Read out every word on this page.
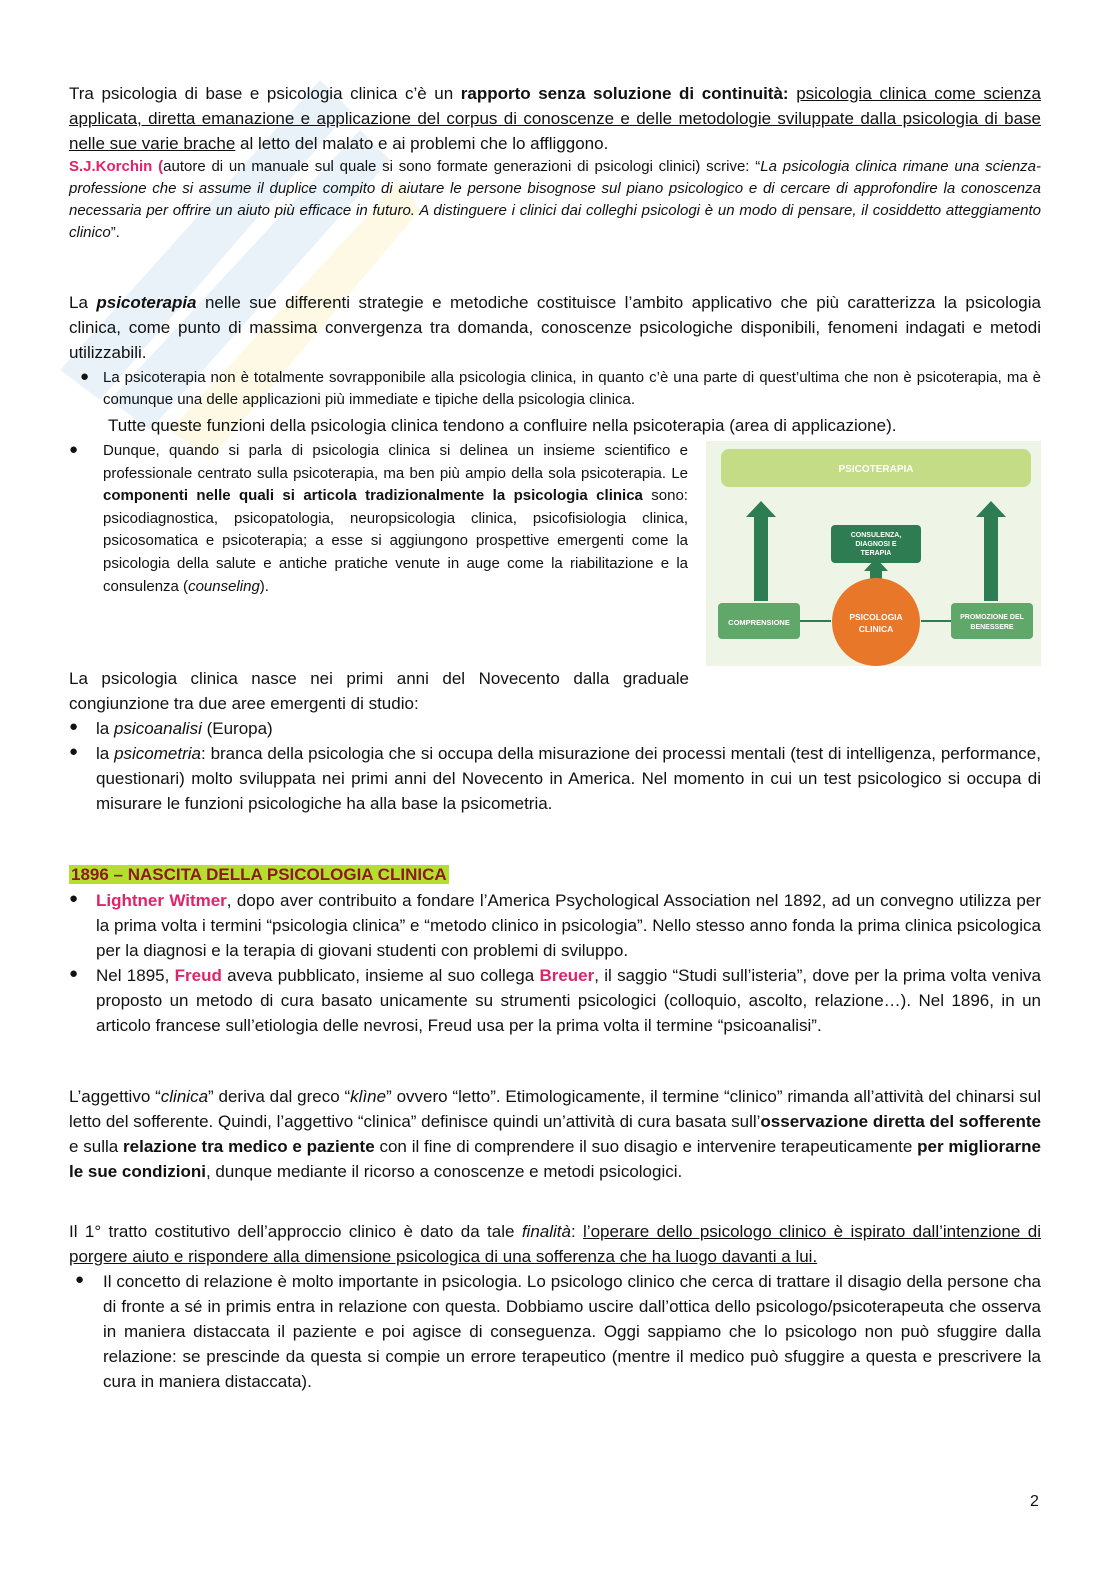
Tra psicologia di base e psicologia clinica c’è un rapporto senza soluzione di continuità: psicologia clinica come scienza applicata, diretta emanazione e applicazione del corpus di conoscenze e delle metodologie sviluppate dalla psicologia di base nelle sue varie brache al letto del malato e ai problemi che lo affliggono.

S.J.Korchin (autore di un manuale sul quale si sono formate generazioni di psicologi clinici) scrive: “La psicologia clinica rimane una scienza-professione che si assume il duplice compito di aiutare le persone bisognose sul piano psicologico e di cercare di approfondire la conoscenza necessaria per offrire un aiuto più efficace in futuro. A distinguere i clinici dai colleghi psicologi è un modo di pensare, il cosiddetto atteggiamento clinico”.

La psicoterapia nelle sue differenti strategie e metodiche costituisce l’ambito applicativo che più caratterizza la psicologia clinica, come punto di massima convergenza tra domanda, conoscenze psicologiche disponibili, fenomeni indagati e metodi utilizzabili.

● La psicoterapia non è totalmente sovrapponibile alla psicologia clinica, in quanto c’è una parte di quest’ultima che non è psicoterapia, ma è comunque una delle applicazioni più immediate e tipiche della psicologia clinica.

Tutte queste funzioni della psicologia clinica tendono a confluire nella psicoterapia (area di applicazione).

● Dunque, quando si parla di psicologia clinica si delinea un insieme scientifico e professionale centrato sulla psicoterapia, ma ben più ampio della sola psicoterapia. Le componenti nelle quali si articola tradizionalmente la psicologia clinica sono: psicodiagnostica, psicopatologia, neuropsicologia clinica, psicofisiologia clinica, psicosomatica e psicoterapia; a esse si aggiungono prospettive emergenti come la psicologia della salute e antiche pratiche venute in auge come la riabilitazione e la consulenza (counseling).

PSICOTERAPIA
CONSULENZA,
DIAGNOSI E
TERAPIA
COMPRENSIONE
PSICOLOGIA
CLINICA
PROMOZIONE DEL
BENESSERE

La psicologia clinica nasce nei primi anni del Novecento dalla graduale congiunzione tra due aree emergenti di studio:

● la psicoanalisi (Europa)

● la psicometria: branca della psicologia che si occupa della misurazione dei processi mentali (test di intelligenza, performance, questionari) molto sviluppata nei primi anni del Novecento in America. Nel momento in cui un test psicologico si occupa di misurare le funzioni psicologiche ha alla base la psicometria.

1896 – NASCITA DELLA PSICOLOGIA CLINICA

● Lightner Witmer, dopo aver contribuito a fondare l’America Psychological Association nel 1892, ad un convegno utilizza per la prima volta i termini “psicologia clinica” e “metodo clinico in psicologia”. Nello stesso anno fonda la prima clinica psicologica per la diagnosi e la terapia di giovani studenti con problemi di sviluppo.

● Nel 1895, Freud aveva pubblicato, insieme al suo collega Breuer, il saggio “Studi sull’isteria”, dove per la prima volta veniva proposto un metodo di cura basato unicamente su strumenti psicologici (colloquio, ascolto, relazione…). Nel 1896, in un articolo francese sull’etiologia delle nevrosi, Freud usa per la prima volta il termine “psicoanalisi”.

L’aggettivo “clinica” deriva dal greco “klìne” ovvero “letto”. Etimologicamente, il termine “clinico” rimanda all’attività del chinarsi sul letto del sofferente. Quindi, l’aggettivo “clinica” definisce quindi un’attività di cura basata sull’osservazione diretta del sofferente e sulla relazione tra medico e paziente con il fine di comprendere il suo disagio e intervenire terapeuticamente per migliorarne le sue condizioni, dunque mediante il ricorso a conoscenze e metodi psicologici.

Il 1° tratto costitutivo dell’approccio clinico è dato da tale finalità: l’operare dello psicologo clinico è ispirato dall’intenzione di porgere aiuto e rispondere alla dimensione psicologica di una sofferenza che ha luogo davanti a lui.

● Il concetto di relazione è molto importante in psicologia. Lo psicologo clinico che cerca di trattare il disagio della persone cha di fronte a sé in primis entra in relazione con questa. Dobbiamo uscire dall’ottica dello psicologo/psicoterapeuta che osserva in maniera distaccata il paziente e poi agisce di conseguenza. Oggi sappiamo che lo psicologo non può sfuggire dalla relazione: se prescinde da questa si compie un errore terapeutico (mentre il medico può sfuggire a questa e prescrivere la cura in maniera distaccata).

2
